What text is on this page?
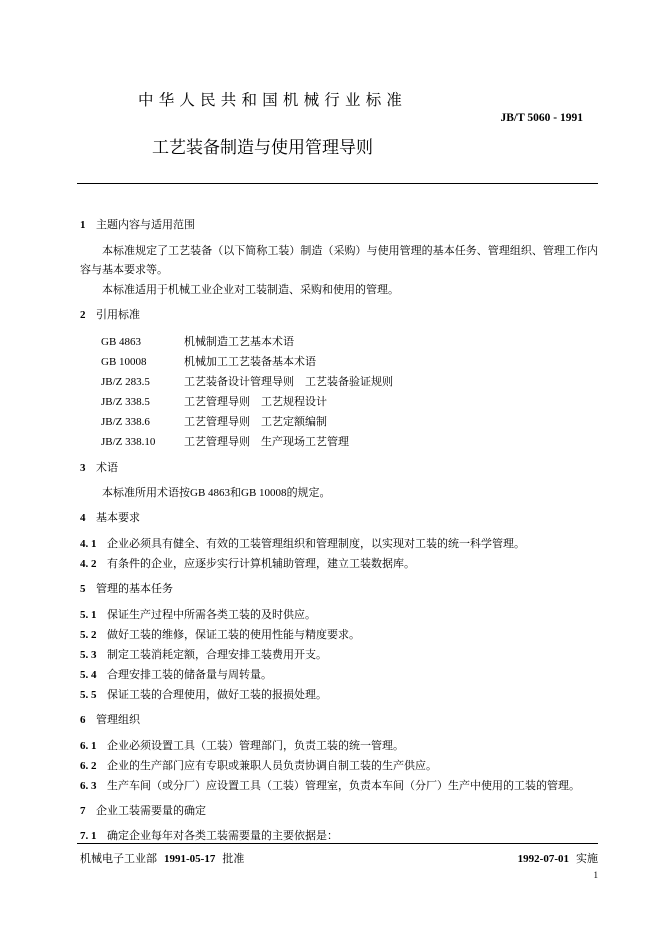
中华人民共和国机械行业标准
JB/T 5060 - 1991
工艺装备制造与使用管理导则
1 主题内容与适用范围
本标准规定了工艺装备（以下简称工装）制造（采购）与使用管理的基本任务、管理组织、管理工作内容与基本要求等。
本标准适用于机械工业企业对工装制造、采购和使用的管理。
2 引用标准
GB 4863	机械制造工艺基本术语
GB 10008	机械加工工艺装备基本术语
JB/Z 283.5	工艺装备设计管理导则　工艺装备验证规则
JB/Z 338.5	工艺管理导则　工艺规程设计
JB/Z 338.6	工艺管理导则　工艺定额编制
JB/Z 338.10	工艺管理导则　生产现场工艺管理
3 术语
本标准所用术语按GB 4863和GB 10008的规定。
4 基本要求
4. 1 企业必须具有健全、有效的工装管理组织和管理制度，以实现对工装的统一科学管理。
4. 2 有条件的企业，应逐步实行计算机辅助管理，建立工装数据库。
5 管理的基本任务
5. 1 保证生产过程中所需各类工装的及时供应。
5. 2 做好工装的维修，保证工装的使用性能与精度要求。
5. 3 制定工装消耗定额，合理安排工装费用开支。
5. 4 合理安排工装的储备量与周转量。
5. 5 保证工装的合理使用，做好工装的报损处理。
6 管理组织
6. 1 企业必须设置工具（工装）管理部门，负责工装的统一管理。
6. 2 企业的生产部门应有专职或兼职人员负责协调自制工装的生产供应。
6. 3 生产车间（或分厂）应设置工具（工装）管理室，负责本车间（分厂）生产中使用的工装的管理。
7 企业工装需要量的确定
7. 1 确定企业每年对各类工装需要量的主要依据是：
机械电子工业部 1991-05-17 批准	1992-07-01 实施
1
